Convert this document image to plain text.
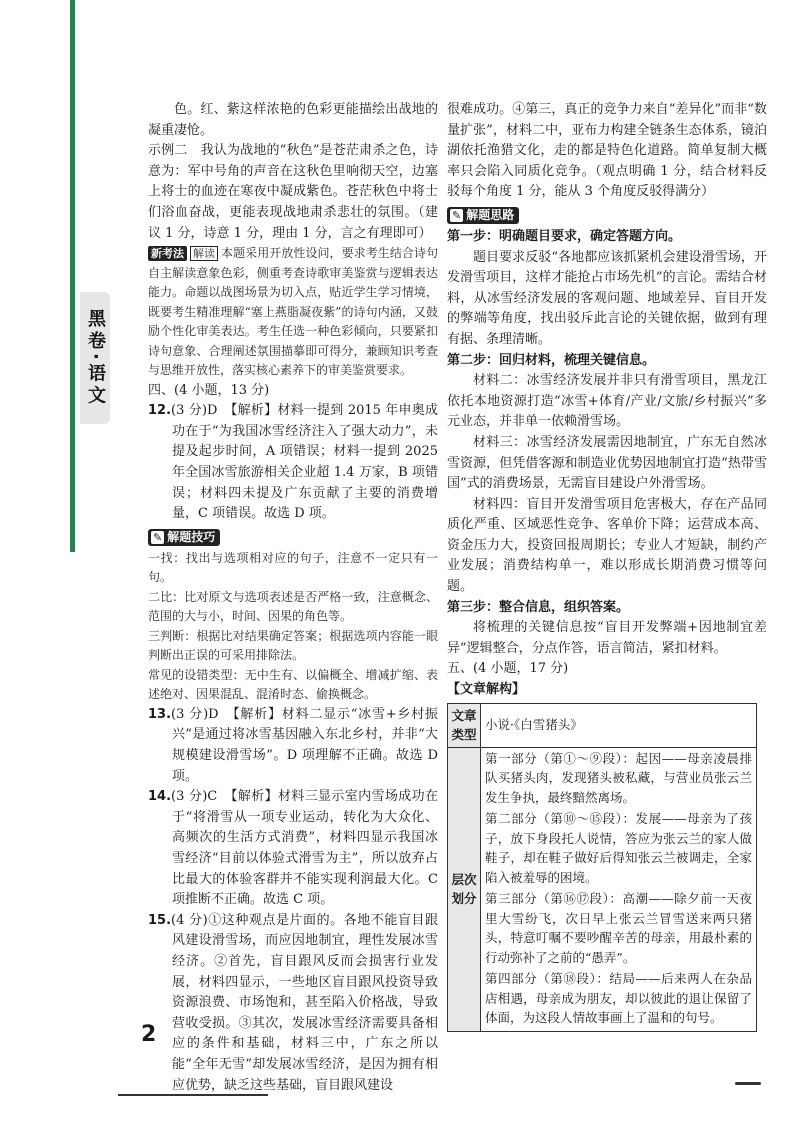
黑卷·语文

色。红、紫这样浓艳的色彩更能描绘出战地的凝重凄怆。

示例二　我认为战地的“秋色”是苍茫肃杀之色，诗意为：军中号角的声音在这秋色里响彻天空，边塞上将士的血迹在寒夜中凝成紫色。苍茫秋色中将士们浴血奋战，更能表现战地肃杀悲壮的氛围。（建议 1 分，诗意 1 分，理由 1 分，言之有理即可）

新考法 解读 本题采用开放性设问，要求考生结合诗句自主解读意象色彩，侧重考查诗歌审美鉴赏与逻辑表达能力。命题以战图场景为切入点，贴近学生学习情境，既要考生精准理解“塞上燕脂凝夜紫”的诗句内涵，又鼓励个性化审美表达。考生任选一种色彩倾向，只要紧扣诗句意象、合理阐述氛围描摹即可得分，兼顾知识考查与思维开放性，落实核心素养下的审美鉴赏要求。

四、(4 小题，13 分)

12.(3 分)D　【解析】材料一提到 2015 年申奥成功在于“为我国冰雪经济注入了强大动力”，未提及起步时间，A 项错误；材料一提到 2025 年全国冰雪旅游相关企业超 1.4 万家，B 项错误；材料四未提及广东贡献了主要的消费增量，C 项错误。故选 D 项。

✎ 解题技巧

一找：找出与选项相对应的句子，注意不一定只有一句。

二比：比对原文与选项表述是否严格一致，注意概念、范围的大与小，时间、因果的角色等。

三判断：根据比对结果确定答案；根据选项内容能一眼判断出正误的可采用排除法。

常见的设错类型：无中生有、以偏概全、增减扩缩、表述绝对、因果混乱、混淆时态、偷换概念。

13.(3 分)D　【解析】材料二显示“冰雪+乡村振兴”是通过将冰雪基因融入东北乡村，并非“大规模建设滑雪场”。D 项理解不正确。故选 D 项。

14.(3 分)C　【解析】材料三显示室内雪场成功在于“将滑雪从一项专业运动，转化为大众化、高频次的生活方式消费”，材料四显示我国冰雪经济“目前以体验式滑雪为主”，所以放弃占比最大的体验客群并不能实现利润最大化。C 项推断不正确。故选 C 项。

15.(4 分)①这种观点是片面的。各地不能盲目跟风建设滑雪场，而应因地制宜，理性发展冰雪经济。②首先，盲目跟风反而会损害行业发展，材料四显示，一些地区盲目跟风投资导致资源浪费、市场饱和，甚至陷入价格战，导致营收受损。③其次，发展冰雪经济需要具备相应的条件和基础，材料三中，广东之所以能“全年无雪”却发展冰雪经济，是因为拥有相应优势，缺乏这些基础，盲目跟风建设

很难成功。④第三，真正的竞争力来自“差异化”而非“数量扩张”，材料二中，亚布力构建全链条生态体系，镜泊湖依托渔猎文化，走的都是特色化道路。简单复制大概率只会陷入同质化竞争。（观点明确 1 分，结合材料反驳每个角度 1 分，能从 3 个角度反驳得满分）

✎ 解题思路

第一步：明确题目要求，确定答题方向。

题目要求反驳“各地都应该抓紧机会建设滑雪场，开发滑雪项目，这样才能抢占市场先机”的言论。需结合材料，从冰雪经济发展的客观问题、地域差异、盲目开发的弊端等角度，找出驳斥此言论的关键依据，做到有理有据、条理清晰。

第二步：回归材料，梳理关键信息。

材料二：冰雪经济发展并非只有滑雪项目，黑龙江依托本地资源打造“冰雪+体育/产业/文旅/乡村振兴”多元业态，并非单一依赖滑雪场。

材料三：冰雪经济发展需因地制宜，广东无自然冰雪资源，但凭借客源和制造业优势因地制宜打造“热带雪国”式的消费场景，无需盲目建设户外滑雪场。

材料四：盲目开发滑雪项目危害极大，存在产品同质化严重、区域恶性竞争、客单价下降；运营成本高、资金压力大，投资回报周期长；专业人才短缺，制约产业发展；消费结构单一，难以形成长期消费习惯等问题。

第三步：整合信息，组织答案。

将梳理的关键信息按“盲目开发弊端+因地制宜差异”逻辑整合，分点作答，语言简洁，紧扣材料。

五、(4 小题，17 分)

【文章解构】

文章类型	小说·《白雪猪头》
层次划分	第一部分（第①～⑨段）：起因——母亲凌晨排队买猪头肉，发现猪头被私藏，与营业员张云兰发生争执，最终黯然离场。

第二部分（第⑩～⑮段）：发展——母亲为了孩子，放下身段托人说情，答应为张云兰的家人做鞋子，却在鞋子做好后得知张云兰被调走，全家陷入被羞辱的困境。

第三部分（第⑯⑰段）：高潮——除夕前一天夜里大雪纷飞，次日早上张云兰冒雪送来两只猪头，特意叮嘱不要吵醒辛苦的母亲，用最朴素的行动弥补了之前的“愚弄”。

第四部分（第⑱段）：结局——后来两人在杂品店相遇，母亲成为朋友，却以彼此的退让保留了体面，为这段人情故事画上了温和的句号。

2
